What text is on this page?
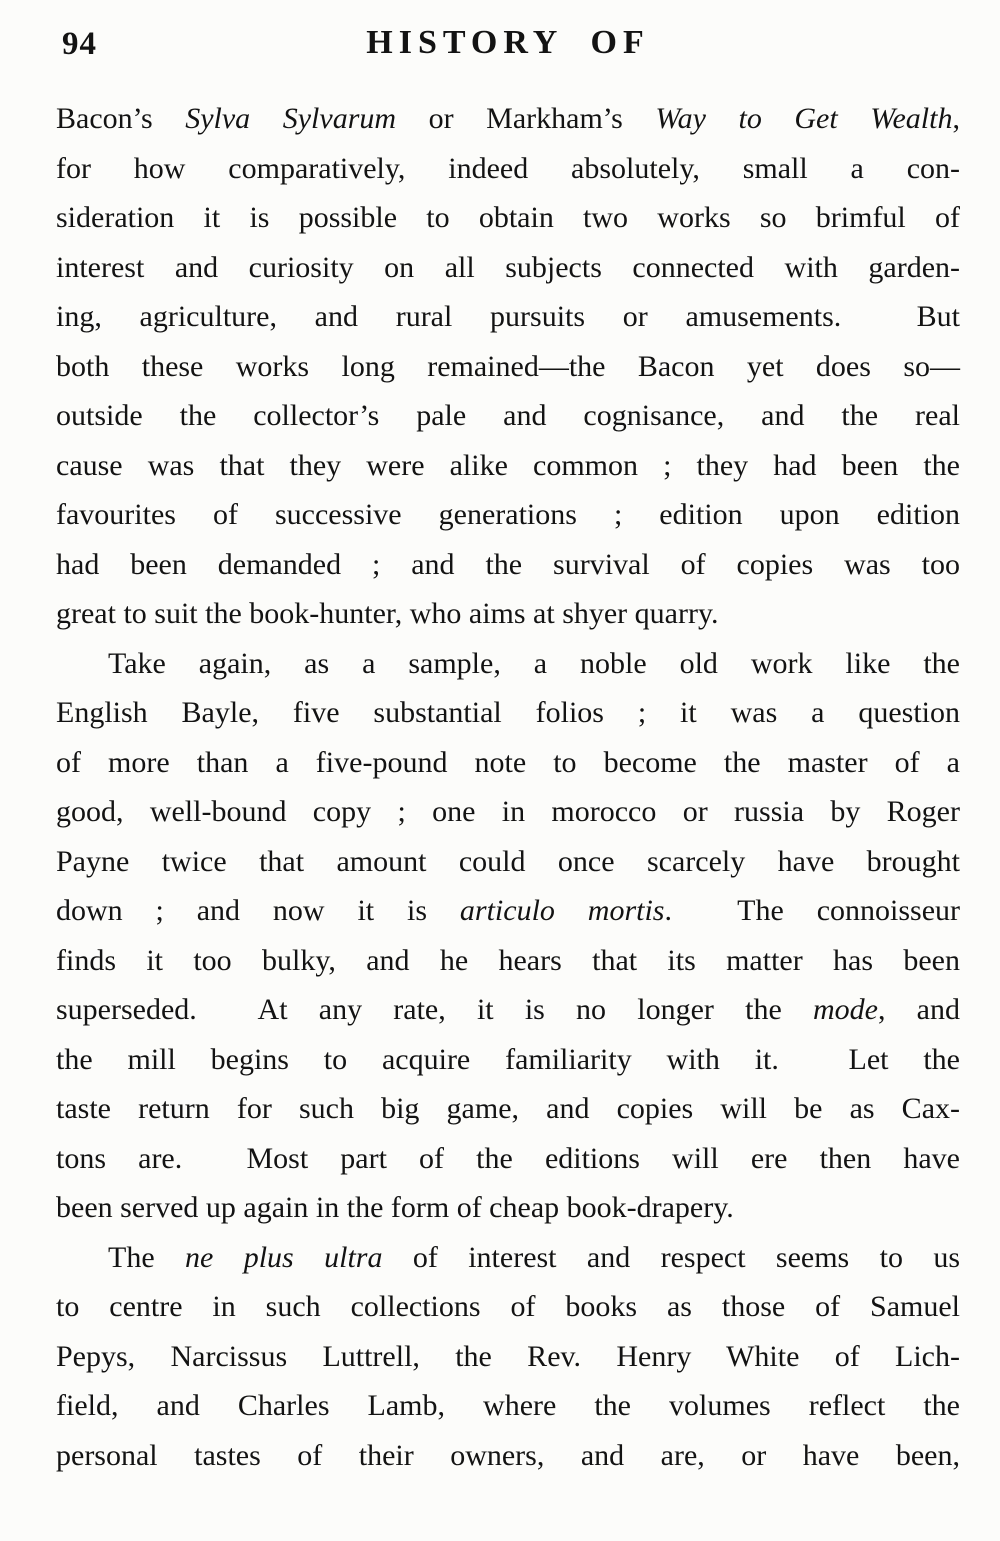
94	HISTORY OF
Bacon’s Sylva Sylvarum or Markham’s Way to Get Wealth,
for how comparatively, indeed absolutely, small a con-
sideration it is possible to obtain two works so brimful of
interest and curiosity on all subjects connected with garden-
ing, agriculture, and rural pursuits or amusements.  But
both these works long remained—the Bacon yet does so—
outside the collector’s pale and cognisance, and the real
cause was that they were alike common ; they had been the
favourites of successive generations ; edition upon edition
had been demanded ; and the survival of copies was too
great to suit the book-hunter, who aims at shyer quarry.
Take again, as a sample, a noble old work like the
English Bayle, five substantial folios ; it was a question
of more than a five-pound note to become the master of a
good, well-bound copy ; one in morocco or russia by Roger
Payne twice that amount could once scarcely have brought
down ; and now it is articulo mortis.  The connoisseur
finds it too bulky, and he hears that its matter has been
superseded.  At any rate, it is no longer the mode, and
the mill begins to acquire familiarity with it.  Let the
taste return for such big game, and copies will be as Cax-
tons are.  Most part of the editions will ere then have
been served up again in the form of cheap book-drapery.
The ne plus ultra of interest and respect seems to us
to centre in such collections of books as those of Samuel
Pepys, Narcissus Luttrell, the Rev. Henry White of Lich-
field, and Charles Lamb, where the volumes reflect the
personal tastes of their owners, and are, or have been,
